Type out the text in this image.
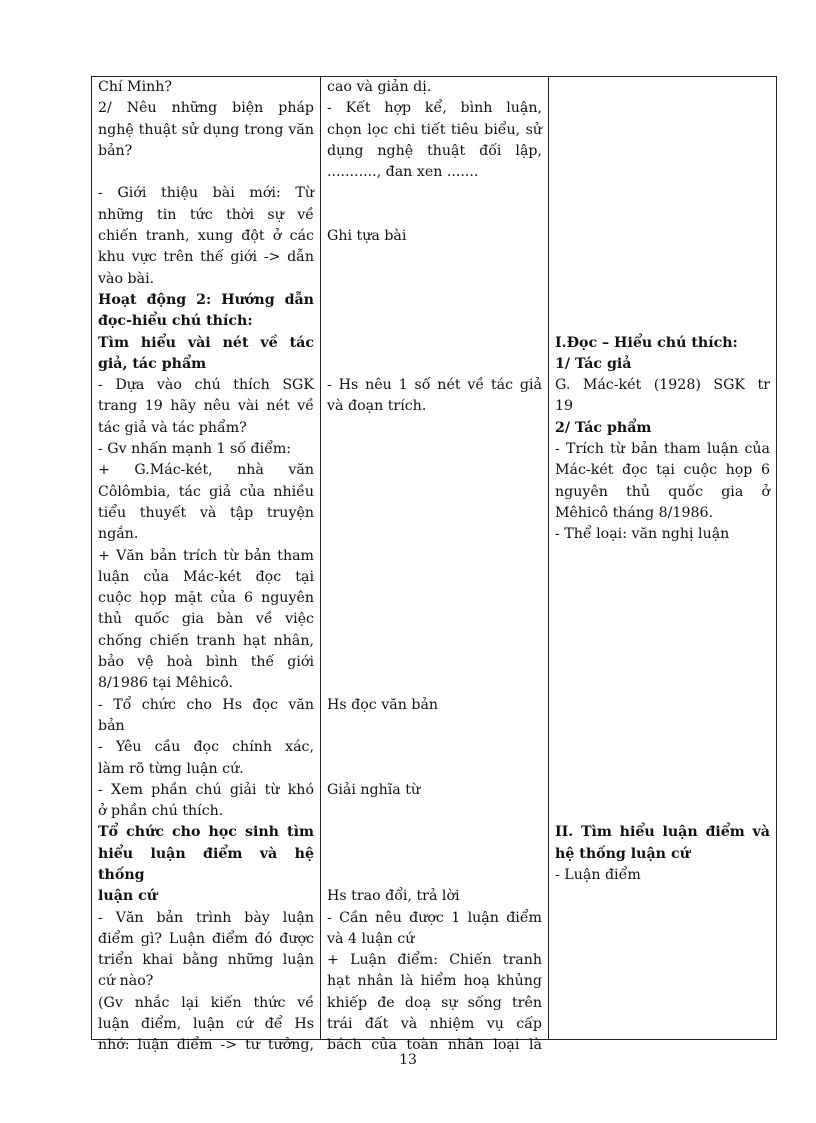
Chí Minh?
2/ Nêu những biện pháp
nghệ thuật sử dụng trong văn
bản?
- Giới thiệu bài mới: Từ
những tin tức thời sự về
chiến tranh, xung đột ở các
khu vực trên thế giới -> dẫn
vào bài.
Hoạt động 2: Hướng dẫn
đọc-hiểu chú thích:
Tìm hiểu vài nét về tác
giả, tác phẩm
- Dựa vào chú thích SGK
trang 19 hãy nêu vài nét về
tác giả và tác phẩm?
- Gv nhấn mạnh 1 số điểm:
+ G.Mác-két, nhà văn
Côlômbia, tác giả của nhiều
tiểu thuyết và tập truyện
ngắn.
+ Văn bản trích từ bản tham
luận của Mác-két đọc tại
cuộc họp mặt của 6 nguyên
thủ quốc gia bàn về việc
chống chiến tranh hạt nhân,
bảo vệ hoà bình thế giới
8/1986 tại Mêhicô.
- Tổ chức cho Hs đọc văn
bản
- Yêu cầu đọc chính xác,
làm rõ từng luận cứ.
- Xem phần chú giải từ khó
ở phần chú thích.
Tổ chức cho học sinh tìm
hiểu luận điểm và hệ thống
luận cứ
- Văn bản trình bày luận
điểm gì? Luận điểm đó được
triển khai bằng những luận
cứ nào?
(Gv nhắc lại kiến thức về
luận điểm, luận cứ để Hs
nhớ: luận điểm -> tư tưởng,

cao và giản dị.
- Kết hợp kể, bình luận,
chọn lọc chi tiết tiêu biểu, sử
dụng nghệ thuật đối lập,
..........., đan xen .......
Ghi tựa bài
- Hs nêu 1 số nét về tác giả
và đoạn trích.
Hs đọc văn bản
Giải nghĩa từ
Hs trao đổi, trả lời
- Cần nêu được 1 luận điểm
và 4 luận cứ
+ Luận điểm: Chiến tranh
hạt nhân là hiểm hoạ khủng
khiếp đe doạ sự sống trên
trái đất và nhiệm vụ cấp
bách của toàn nhân loại là

I.Đọc – Hiểu chú thích:
1/ Tác giả
G. Mác-két (1928) SGK tr
19
2/ Tác phẩm
- Trích từ bản tham luận của
Mác-két đọc tại cuộc họp 6
nguyên thủ quốc gia ở
Mêhicô tháng 8/1986.
- Thể loại: văn nghị luận
II. Tìm hiểu luận điểm và
hệ thống luận cứ
- Luận điểm
13
